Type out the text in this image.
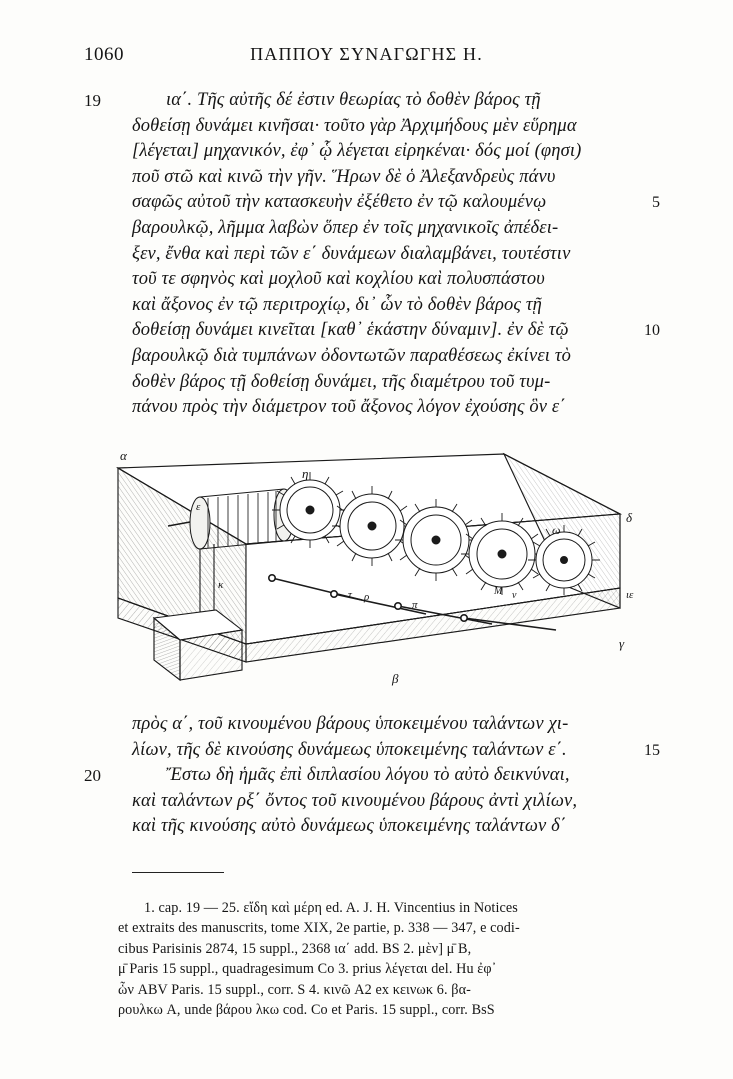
1060	ΠΑΠΠΟΥ ΣΥΝΑΓΩΓΗΣ Η.
19	ια΄. Τῆς αὐτῆς δέ ἐστιν θεωρίας τὸ δοθὲν βάρος τῇ
δοθείσῃ δυνάμει κινῆσαι· τοῦτο γὰρ Ἀρχιμήδους μὲν εὕρημα
[λέγεται] μηχανικόν, ἐφ᾽ ᾧ λέγεται εἰρηκέναι· δός μοί (φησι)
ποῦ στῶ καὶ κινῶ τὴν γῆν. Ἥρων δὲ ὁ Ἀλεξανδρεὺς πάνυ
σαφῶς αὐτοῦ τὴν κατασκευὴν ἐξέθετο ἐν τῷ καλουμένῳ	5
βαρουλκῷ, λῆμμα λαβὼν ὅπερ ἐν τοῖς μηχανικοῖς ἀπέδει-
ξεν, ἔνθα καὶ περὶ τῶν ε΄ δυνάμεων διαλαμβάνει, τουτέστιν
τοῦ τε σφηνὸς καὶ μοχλοῦ καὶ κοχλίου καὶ πολυσπάστου
καὶ ἄξονος ἐν τῷ περιτροχίῳ, δι᾽ ὧν τὸ δοθὲν βάρος τῇ
δοθείσῃ δυνάμει κινεῖται [καθ᾽ ἑκάστην δύναμιν]. ἐν δὲ τῷ	10
βαρουλκῷ διὰ τυμπάνων ὀδοντωτῶν παραθέσεως ἐκίνει τὸ
δοθὲν βάρος τῇ δοθείσῃ δυνάμει, τῆς διαμέτρου τοῦ τυμ-
πάνου πρὸς τὴν διάμετρον τοῦ ἄξονος λόγον ἐχούσης ὃν ε΄
α
δ
ιε
γ
β
η
ε
κ
τ ρ
π
ω
Μ ν
πρὸς α΄, τοῦ κινουμένου βάρους ὑποκειμένου ταλάντων χι-
λίων, τῆς δὲ κινούσης δυνάμεως ὑποκειμένης ταλάντων ε΄.	15
20	Ἔστω δὴ ἡμᾶς ἐπὶ διπλασίου λόγου τὸ αὐτὸ δεικνύναι,
καὶ ταλάντων ρξ΄ ὄντος τοῦ κινουμένου βάρους ἀντὶ χιλίων,
καὶ τῆς κινούσης αὐτὸ δυνάμεως ὑποκειμένης ταλάντων δ΄
1. cap. 19 — 25. εἴδη καὶ μέρη ed. A. J. H. Vincentius in Notices
et extraits des manuscrits, tome XIX, 2e partie, p. 338 — 347, e codi-
cibus Parisinis 2874, 15 suppl., 2368 ια΄ add. BS 2. μὲν] μ̄ B,
μ̄ Paris 15 suppl., quadragesimum Co 3. prius λέγεται del. Hu ἐφ᾽
ὧν ABV Paris. 15 suppl., corr. S 4. κινῶ A2 ex κεινωκ 6. βα-
ρουλκω A, unde βάρου λκω cod. Co et Paris. 15 suppl., corr. BsS
